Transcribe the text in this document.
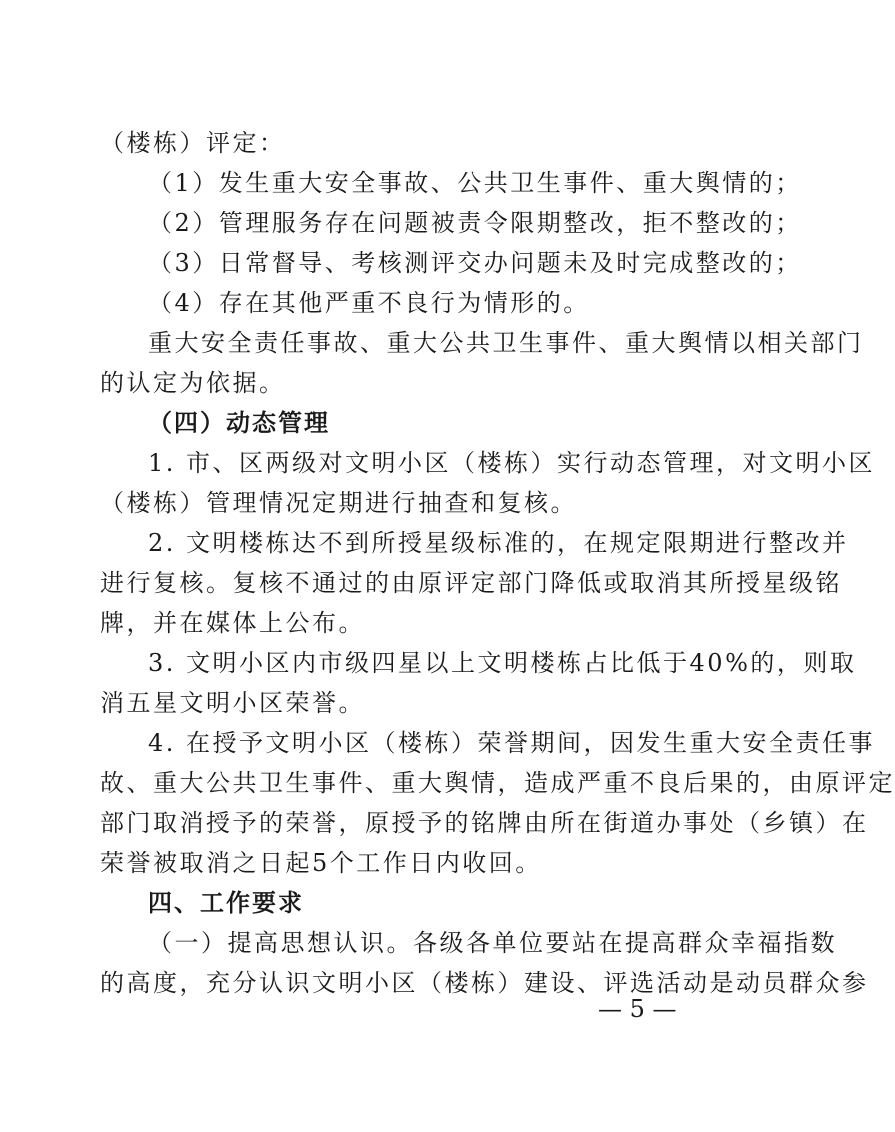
（楼栋）评定：
（1）发生重大安全事故、公共卫生事件、重大舆情的；
（2）管理服务存在问题被责令限期整改，拒不整改的；
（3）日常督导、考核测评交办问题未及时完成整改的；
（4）存在其他严重不良行为情形的。
重大安全责任事故、重大公共卫生事件、重大舆情以相关部门
的认定为依据。
（四）动态管理
1. 市、区两级对文明小区（楼栋）实行动态管理，对文明小区
（楼栋）管理情况定期进行抽查和复核。
2. 文明楼栋达不到所授星级标准的，在规定限期进行整改并
进行复核。复核不通过的由原评定部门降低或取消其所授星级铭
牌，并在媒体上公布。
3. 文明小区内市级四星以上文明楼栋占比低于40%的，则取
消五星文明小区荣誉。
4. 在授予文明小区（楼栋）荣誉期间，因发生重大安全责任事
故、重大公共卫生事件、重大舆情，造成严重不良后果的，由原评定
部门取消授予的荣誉，原授予的铭牌由所在街道办事处（乡镇）在
荣誉被取消之日起5个工作日内收回。
四、工作要求
（一）提高思想认识。各级各单位要站在提高群众幸福指数
的高度，充分认识文明小区（楼栋）建设、评选活动是动员群众参
— 5 —
